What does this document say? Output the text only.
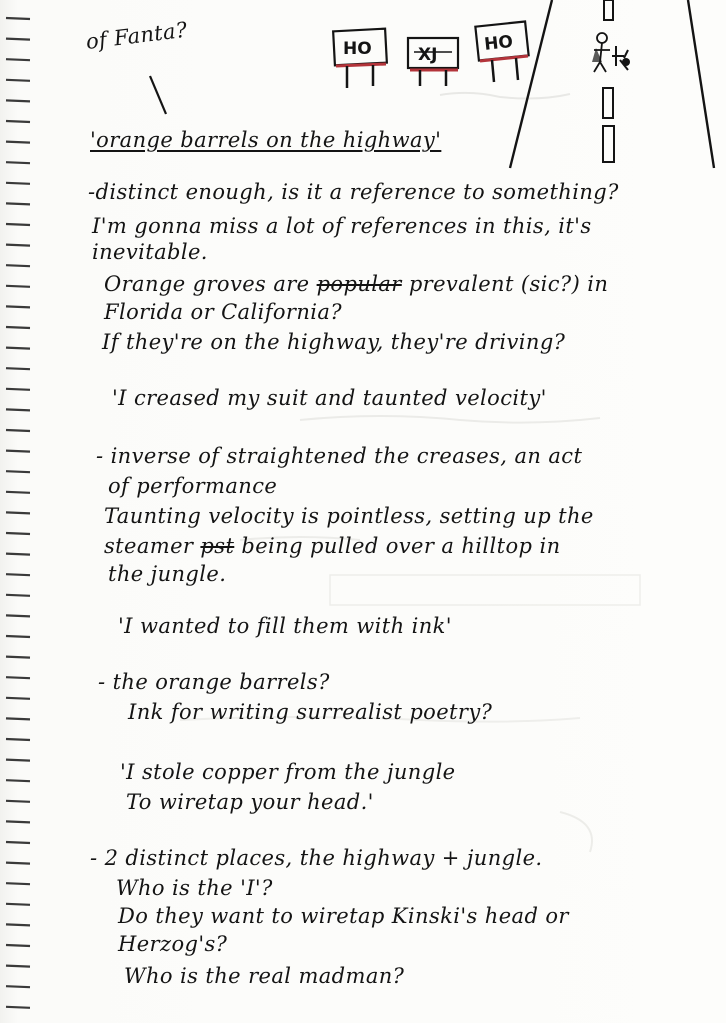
HO	XJ
HO
of Fanta?
'orange barrels on the highway'
-distinct enough, is it a reference to something?
I'm gonna miss a lot of references in this, it's
inevitable.
Orange groves are popular prevalent (sic?) in
Florida or California?
If they're on the highway, they're driving?
'I creased my suit and taunted velocity'
- inverse of straightened the creases, an act
of performance
Taunting velocity is pointless, setting up the
steamer pst being pulled over a hilltop in
the jungle.
'I wanted to fill them with ink'
- the orange barrels?
Ink for writing surrealist poetry?
'I stole copper from the jungle
To wiretap your head.'
- 2 distinct places, the highway + jungle.
Who is the 'I'?
Do they want to wiretap Kinski's head or
Herzog's?
Who is the real madman?
